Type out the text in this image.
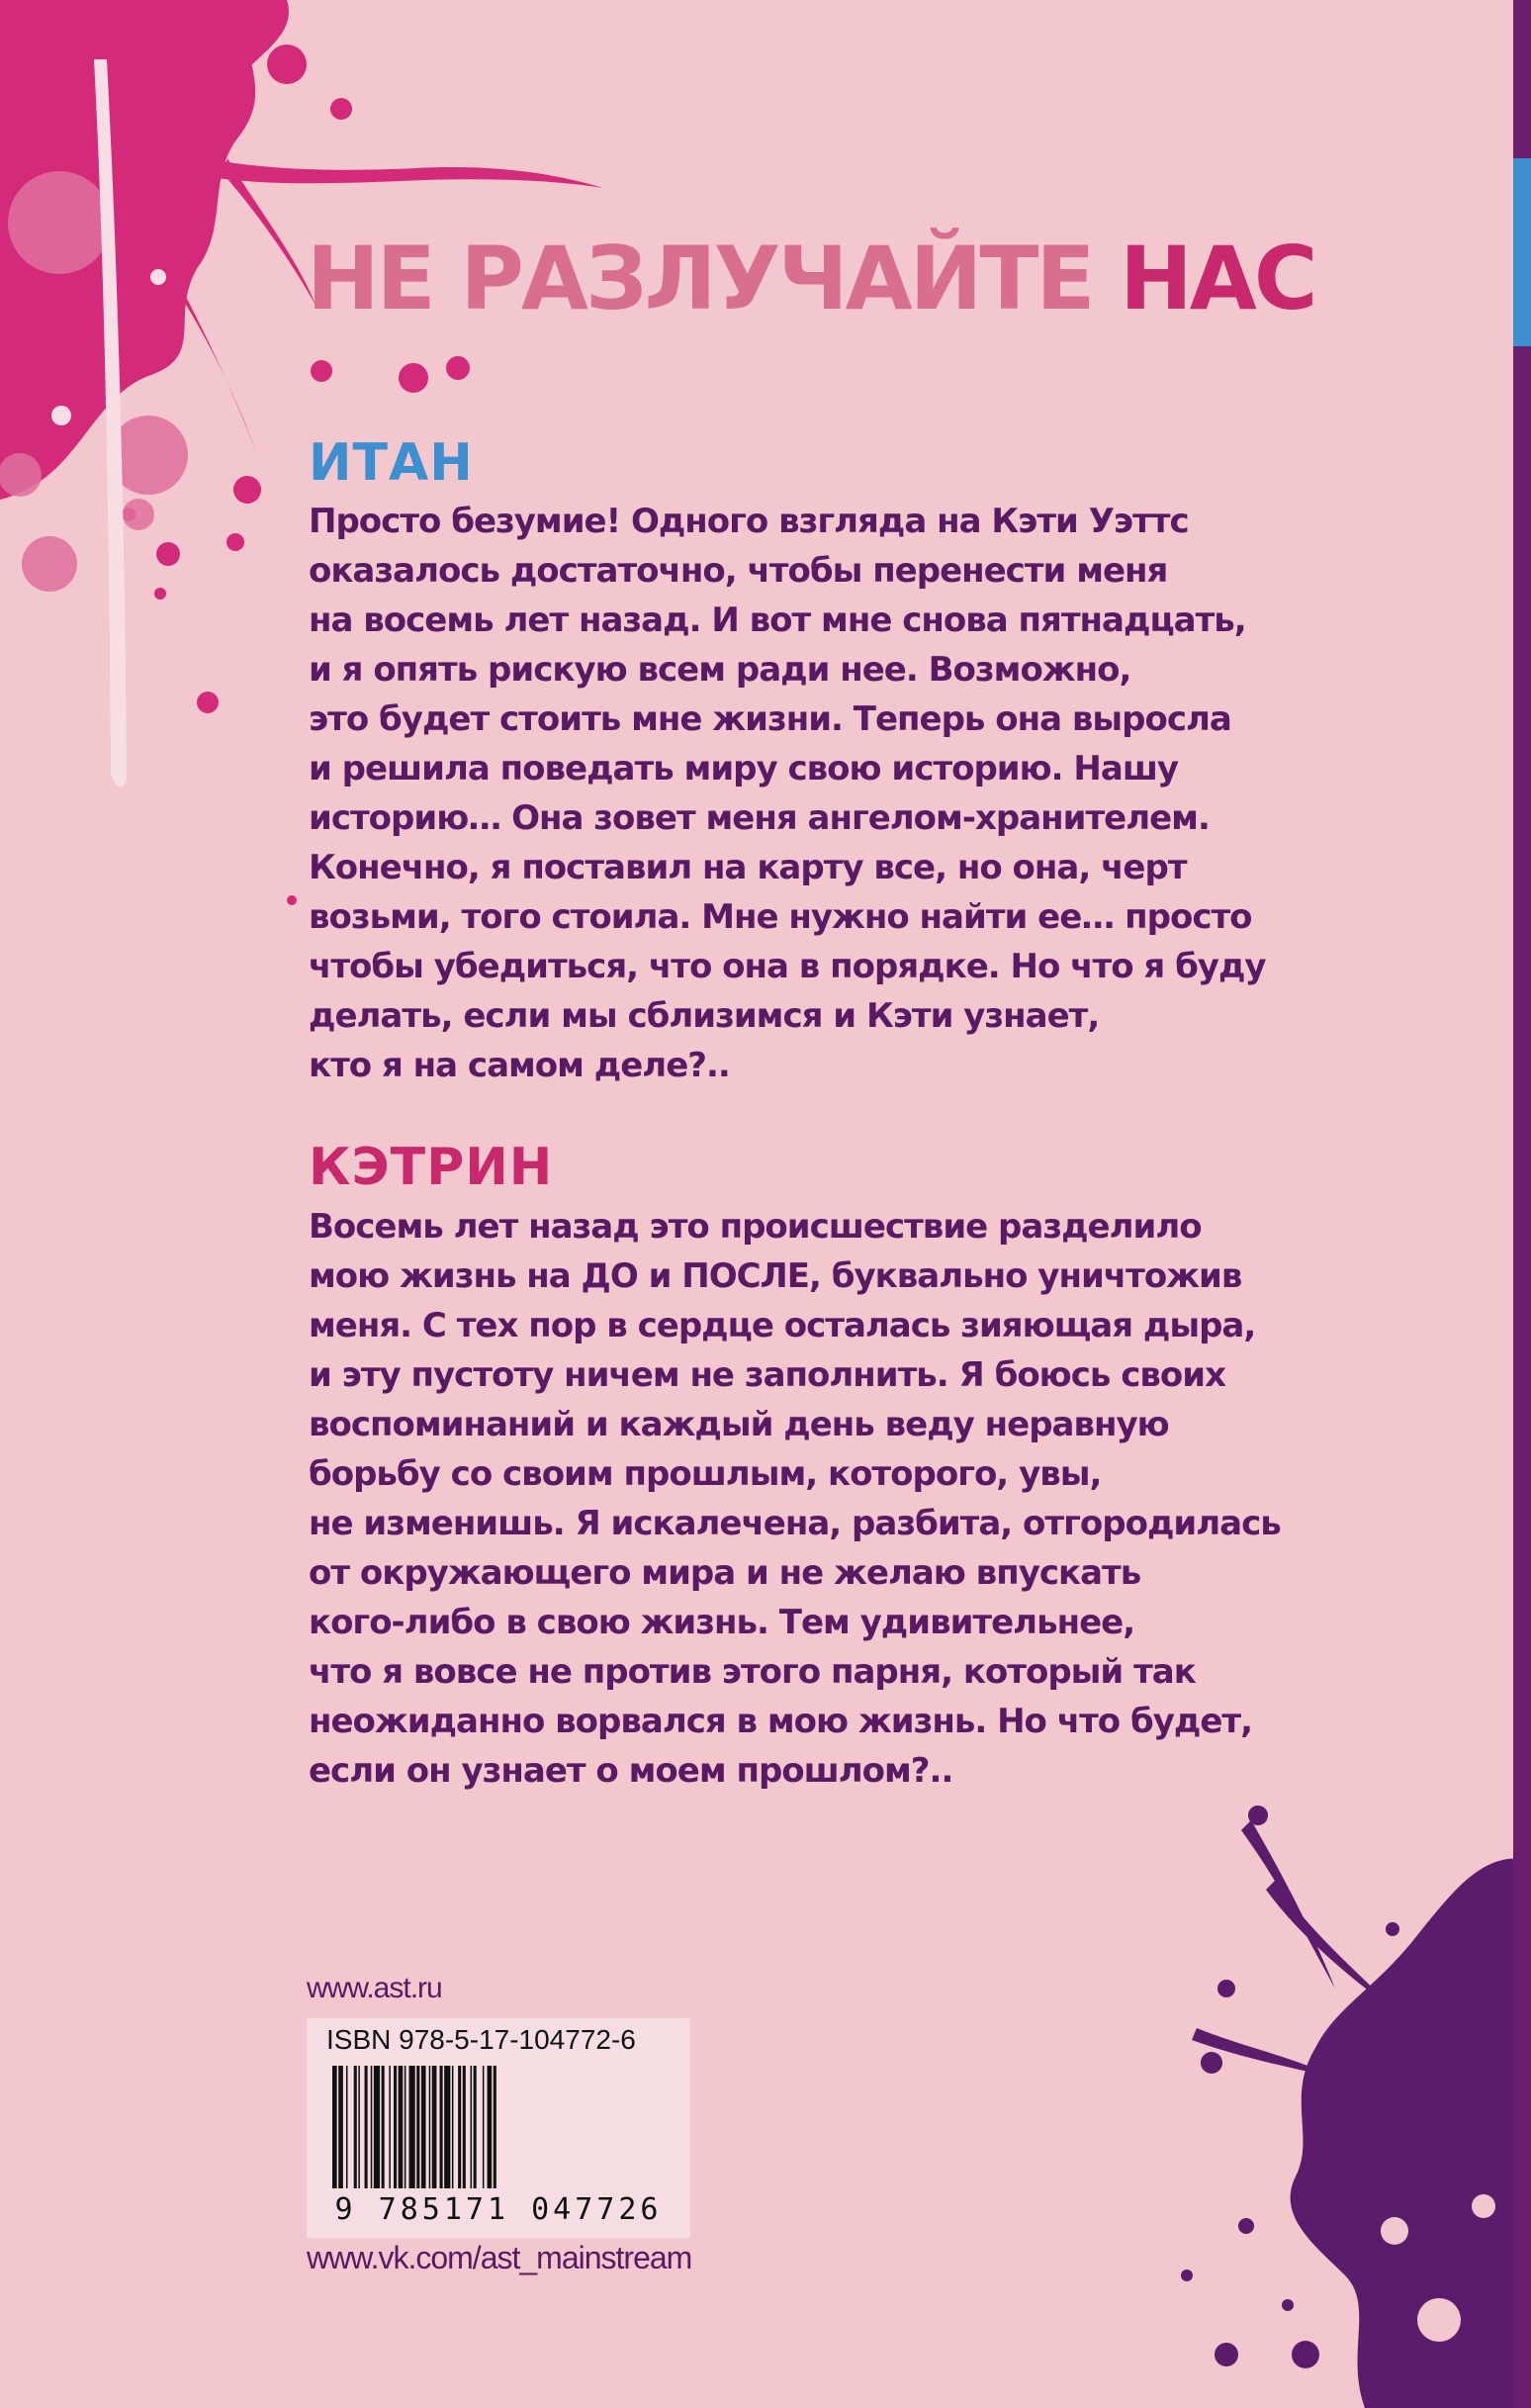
НЕ РАЗЛУЧАЙТЕ НАС
ИТАН

Просто безумие! Одного взгляда на Кэти Уэттс
оказалось достаточно, чтобы перенести меня
на восемь лет назад. И вот мне снова пятнадцать,
и я опять рискую всем ради нее. Возможно,
это будет стоить мне жизни. Теперь она выросла
и решила поведать миру свою историю. Нашу
историю… Она зовет меня ангелом-хранителем.
Конечно, я поставил на карту все, но она, черт
возьми, того стоила. Мне нужно найти ее… просто
чтобы убедиться, что она в порядке. Но что я буду
делать, если мы сблизимся и Кэти узнает,
кто я на самом деле?..

КЭТРИН

Восемь лет назад это происшествие разделило
мою жизнь на ДО и ПОСЛЕ, буквально уничтожив
меня. С тех пор в сердце осталась зияющая дыра,
и эту пустоту ничем не заполнить. Я боюсь своих
воспоминаний и каждый день веду неравную
борьбу со своим прошлым, которого, увы,
не изменишь. Я искалечена, разбита, отгородилась
от окружающего мира и не желаю впускать
кого-либо в свою жизнь. Тем удивительнее,
что я вовсе не против этого парня, который так
неожиданно ворвался в мою жизнь. Но что будет,
если он узнает о моем прошлом?..

www.ast.ru
ISBN 978-5-17-104772-6
9 785171 047726
www.vk.com/ast_mainstream
